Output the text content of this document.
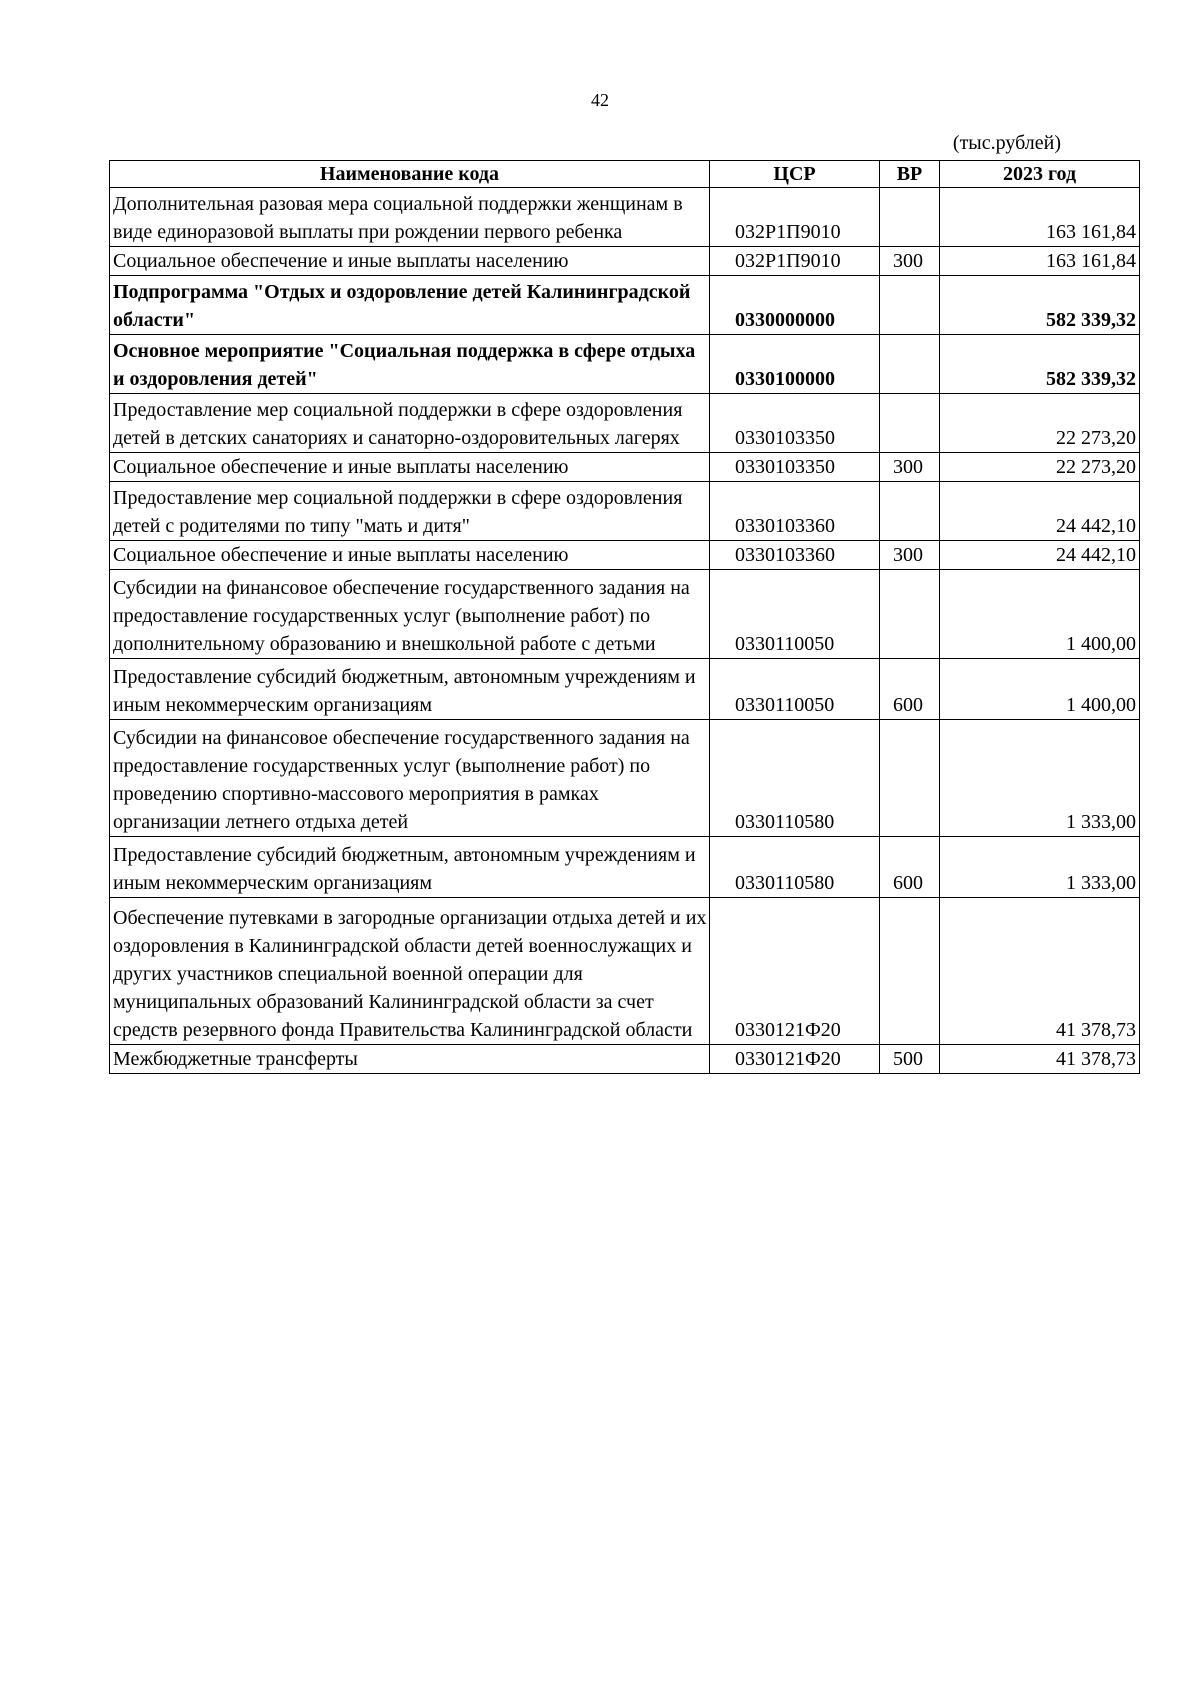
42
(тыс.рублей)
Наименование кода	ЦСР	ВР	2023 год
Дополнительная разовая мера социальной поддержки женщинам в виде единоразовой выплаты при рождении первого ребенка	032Р1П9010		163 161,84
Социальное обеспечение и иные выплаты населению	032Р1П9010	300	163 161,84
Подпрограмма "Отдых и оздоровление детей Калининградской области"	0330000000		582 339,32
Основное мероприятие "Социальная поддержка в сфере отдыха и оздоровления детей"	0330100000		582 339,32
Предоставление мер социальной поддержки в сфере оздоровления детей в детских санаториях и санаторно-оздоровительных лагерях	0330103350		22 273,20
Социальное обеспечение и иные выплаты населению	0330103350	300	22 273,20
Предоставление мер социальной поддержки в сфере оздоровления детей с родителями по типу "мать и дитя"	0330103360		24 442,10
Социальное обеспечение и иные выплаты населению	0330103360	300	24 442,10
Субсидии на финансовое обеспечение государственного задания на предоставление государственных услуг (выполнение работ) по дополнительному образованию и внешкольной работе с детьми	0330110050		1 400,00
Предоставление субсидий бюджетным, автономным учреждениям и иным некоммерческим организациям	0330110050	600	1 400,00
Субсидии на финансовое обеспечение государственного задания на предоставление государственных услуг (выполнение работ) по проведению спортивно-массового мероприятия в рамках организации летнего отдыха детей	0330110580		1 333,00
Предоставление субсидий бюджетным, автономным учреждениям и иным некоммерческим организациям	0330110580	600	1 333,00
Обеспечение путевками в загородные организации отдыха детей и их оздоровления в Калининградской области детей военнослужащих и других участников специальной военной операции для муниципальных образований Калининградской области за счет средств резервного фонда Правительства Калининградской области	0330121Ф20		41 378,73
Межбюджетные трансферты	0330121Ф20	500	41 378,73
